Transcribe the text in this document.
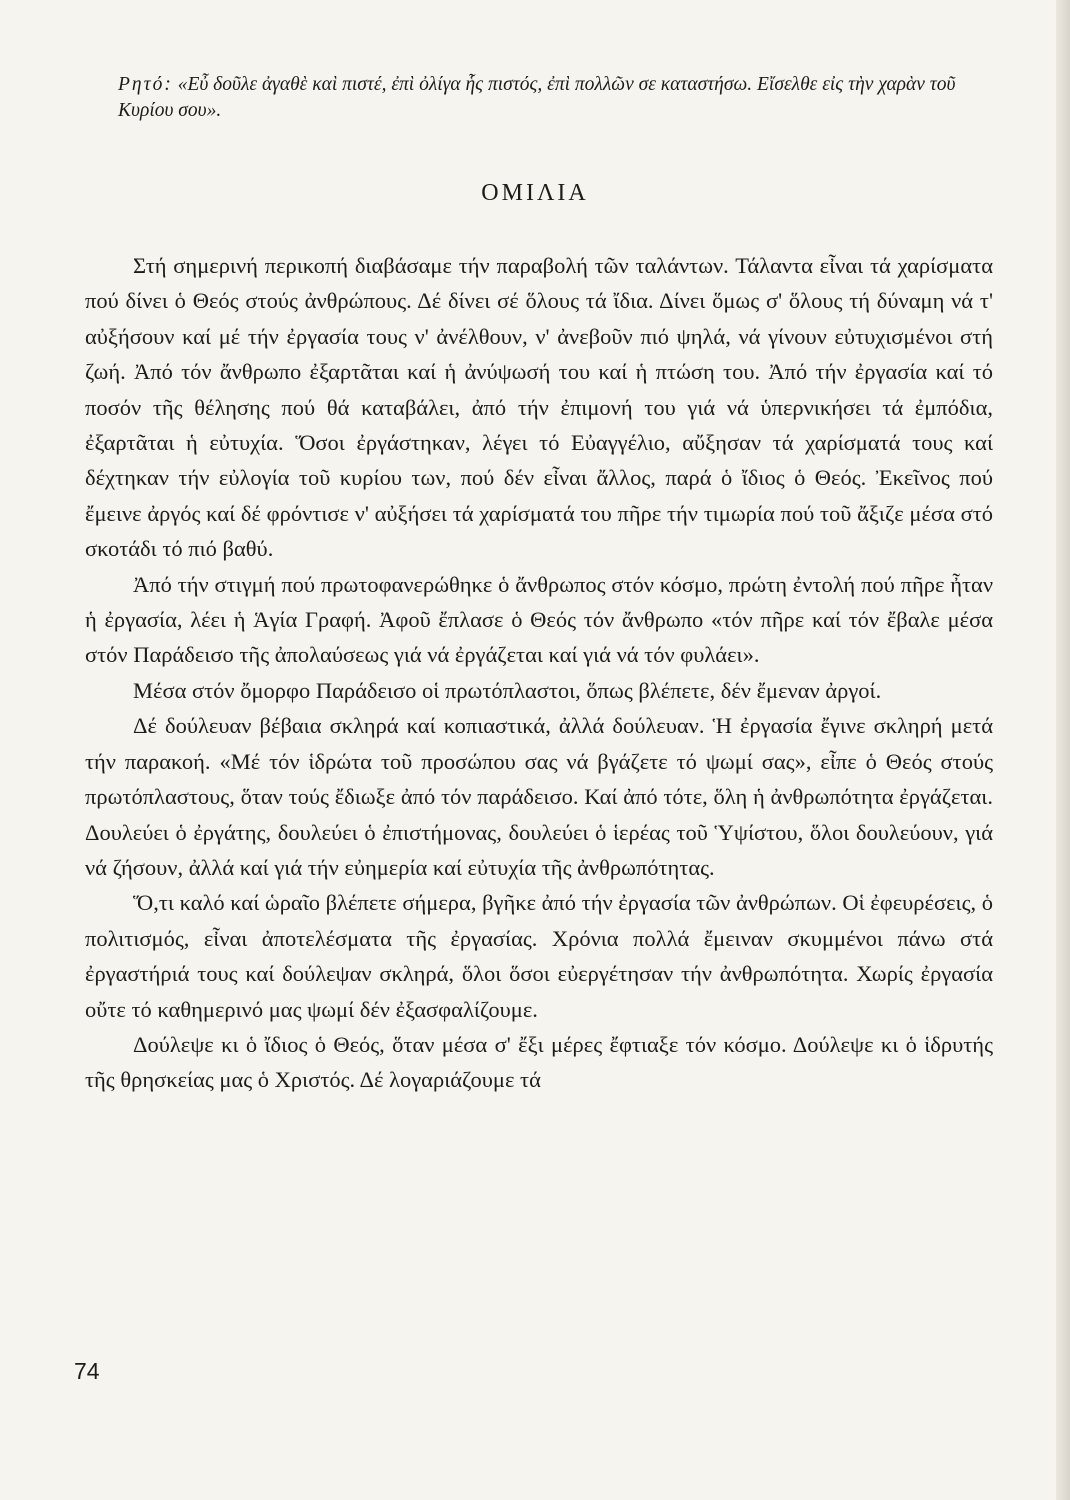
Ρητό: «Εὖ δοῦλε ἀγαθὲ καὶ πιστέ, ἐπὶ ὀλίγα ἧς πιστός, ἐπὶ πολλῶν σε καταστήσω. Εἴσελθε εἰς τὴν χαρὰν τοῦ Κυρίου σου».

ΟΜΙΛΙΑ

Στή σημερινή περικοπή διαβάσαμε τήν παραβολή τῶν ταλάντων. Τάλαντα εἶναι τά χαρίσματα πού δίνει ὁ Θεός στούς ἀνθρώπους. Δέ δίνει σέ ὅλους τά ἴδια. Δίνει ὅμως σ' ὅλους τή δύναμη νά τ' αὐξήσουν καί μέ τήν ἐργασία τους ν' ἀνέλθουν, ν' ἀνεβοῦν πιό ψηλά, νά γίνουν εὐτυχισμένοι στή ζωή. Ἀπό τόν ἄνθρωπο ἐξαρτᾶται καί ἡ ἀνύψωσή του καί ἡ πτώση του. Ἀπό τήν ἐργασία καί τό ποσόν τῆς θέλησης πού θά καταβάλει, ἀπό τήν ἐπιμονή του γιά νά ὑπερνικήσει τά ἐμπόδια, ἐξαρτᾶται ἡ εὐτυχία. Ὅσοι ἐργάστηκαν, λέγει τό Εὐαγγέλιο, αὔξησαν τά χαρίσματά τους καί δέχτηκαν τήν εὐλογία τοῦ κυρίου των, πού δέν εἶναι ἄλλος, παρά ὁ ἴδιος ὁ Θεός. Ἐκεῖνος πού ἔμεινε ἀργός καί δέ φρόντισε ν' αὐξήσει τά χαρίσματά του πῆρε τήν τιμωρία πού τοῦ ἄξιζε μέσα στό σκοτάδι τό πιό βαθύ.

Ἀπό τήν στιγμή πού πρωτοφανερώθηκε ὁ ἄνθρωπος στόν κόσμο, πρώτη ἐντολή πού πῆρε ἦταν ἡ ἐργασία, λέει ἡ Ἁγία Γραφή. Ἀφοῦ ἔπλασε ὁ Θεός τόν ἄνθρωπο «τόν πῆρε καί τόν ἔβαλε μέσα στόν Παράδεισο τῆς ἀπολαύσεως γιά νά ἐργάζεται καί γιά νά τόν φυλάει».

Μέσα στόν ὄμορφο Παράδεισο οἱ πρωτόπλαστοι, ὅπως βλέπετε, δέν ἔμεναν ἀργοί.

Δέ δούλευαν βέβαια σκληρά καί κοπιαστικά, ἀλλά δούλευαν. Ἡ ἐργασία ἔγινε σκληρή μετά τήν παρακοή. «Μέ τόν ἱδρώτα τοῦ προσώπου σας νά βγάζετε τό ψωμί σας», εἶπε ὁ Θεός στούς πρωτόπλαστους, ὅταν τούς ἔδιωξε ἀπό τόν παράδεισο. Καί ἀπό τότε, ὅλη ἡ ἀνθρωπότητα ἐργάζεται. Δουλεύει ὁ ἐργάτης, δουλεύει ὁ ἐπιστήμονας, δουλεύει ὁ ἱερέας τοῦ Ὑψίστου, ὅλοι δουλεύουν, γιά νά ζήσουν, ἀλλά καί γιά τήν εὐημερία καί εὐτυχία τῆς ἀνθρωπότητας.

Ὅ,τι καλό καί ὡραῖο βλέπετε σήμερα, βγῆκε ἀπό τήν ἐργασία τῶν ἀνθρώπων. Οἱ ἐφευρέσεις, ὁ πολιτισμός, εἶναι ἀποτελέσματα τῆς ἐργασίας. Χρόνια πολλά ἔμειναν σκυμμένοι πάνω στά ἐργαστήριά τους καί δούλεψαν σκληρά, ὅλοι ὅσοι εὐεργέτησαν τήν ἀνθρωπότητα. Χωρίς ἐργασία οὔτε τό καθημερινό μας ψωμί δέν ἐξασφαλίζουμε.

Δούλεψε κι ὁ ἴδιος ὁ Θεός, ὅταν μέσα σ' ἔξι μέρες ἔφτιαξε τόν κόσμο. Δούλεψε κι ὁ ἱδρυτής τῆς θρησκείας μας ὁ Χριστός. Δέ λογαριάζουμε τά

74
